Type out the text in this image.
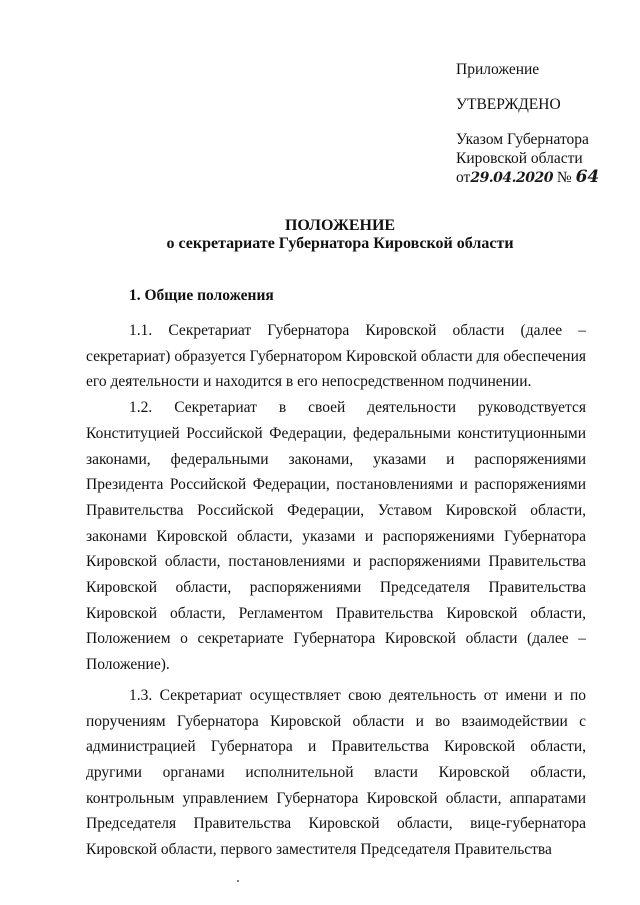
Приложение
УТВЕРЖДЕНО
Указом Губернатора
Кировской области
от29.04.2020 № 64
ПОЛОЖЕНИЕ
о секретариате Губернатора Кировской области
1. Общие положения

1.1. Секретариат Губернатора Кировской области (далее – секретариат) образуется Губернатором Кировской области для обеспечения его деятельности и находится в его непосредственном подчинении.

1.2. Секретариат в своей деятельности руководствуется Конституцией Российской Федерации, федеральными конституционными законами, федеральными законами, указами и распоряжениями Президента Российской Федерации, постановлениями и распоряжениями Правительства Российской Федерации, Уставом Кировской области, законами Кировской области, указами и распоряжениями Губернатора Кировской области, постановлениями и распоряжениями Правительства Кировской области, распоряжениями Председателя Правительства Кировской области, Регламентом Правительства Кировской области, Положением о секретариате Губернатора Кировской области (далее – Положение).

1.3. Секретариат осуществляет свою деятельность от имени и по поручениям Губернатора Кировской области и во взаимодействии с администрацией Губернатора и Правительства Кировской области, другими органами исполнительной власти Кировской области, контрольным управлением Губернатора Кировской области, аппаратами Председателя Правительства Кировской области, вице-губернатора Кировской области, первого заместителя Председателя Правительства
